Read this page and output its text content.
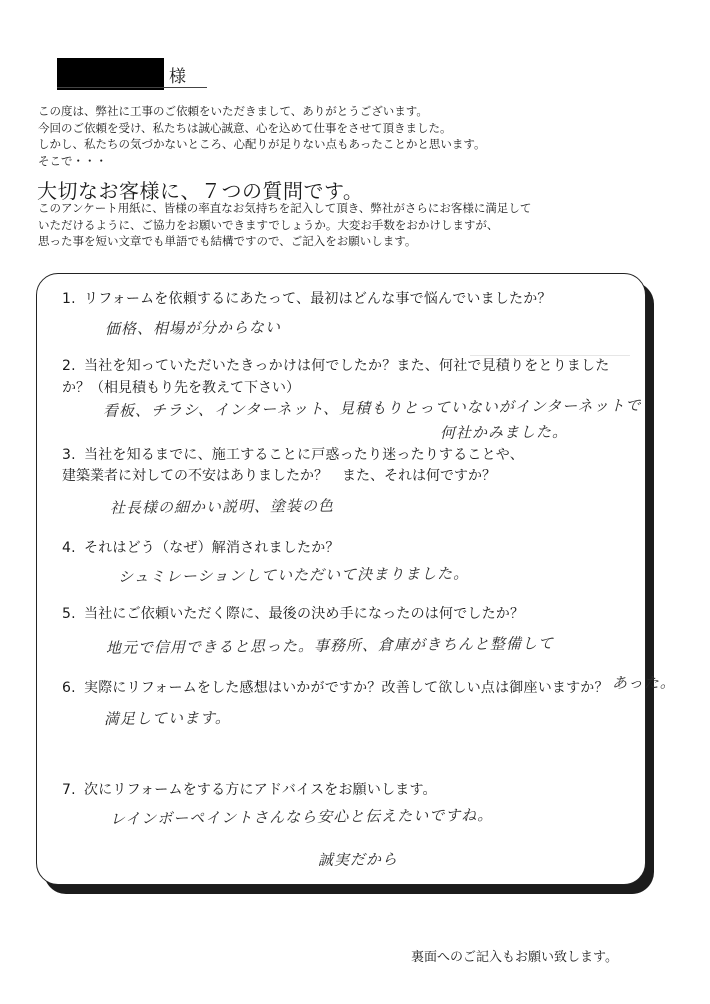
様
この度は、弊社に工事のご依頼をいただきまして、ありがとうございます。
今回のご依頼を受け、私たちは誠心誠意、心を込めて仕事をさせて頂きました。
しかし、私たちの気づかないところ、心配りが足りない点もあったことかと思います。
そこで・・・
大切なお客様に、７つの質問です。
このアンケート用紙に、皆様の率直なお気持ちを記入して頂き、弊社がさらにお客様に満足して
いただけるように、ご協力をお願いできますでしょうか。大変お手数をおかけしますが、
思った事を短い文章でも単語でも結構ですので、ご記入をお願いします。
1. リフォームを依頼するにあたって、最初はどんな事で悩んでいましたか？
価格、相場が分からない
2. 当社を知っていただいたきっかけは何でしたか？また、何社で見積りをとりました
か？（相見積もり先を教えて下さい）
看板、チラシ、インターネット、見積もりとっていないがインターネットで
何社かみました。
3. 当社を知るまでに、施工することに戸惑ったり迷ったりすることや、
建築業者に対しての不安はありましたか？　また、それは何ですか？
社長様の細かい説明、塗装の色
4. それはどう（なぜ）解消されましたか？
シュミレーションしていただいて決まりました。
5. 当社にご依頼いただく際に、最後の決め手になったのは何でしたか？
地元で信用できると思った。事務所、倉庫がきちんと整備して
あった。
6. 実際にリフォームをした感想はいかがですか？改善して欲しい点は御座いますか？
満足しています。
7. 次にリフォームをする方にアドバイスをお願いします。
レインボーペイントさんなら安心と伝えたいですね。
誠実だから
裏面へのご記入もお願い致します。
